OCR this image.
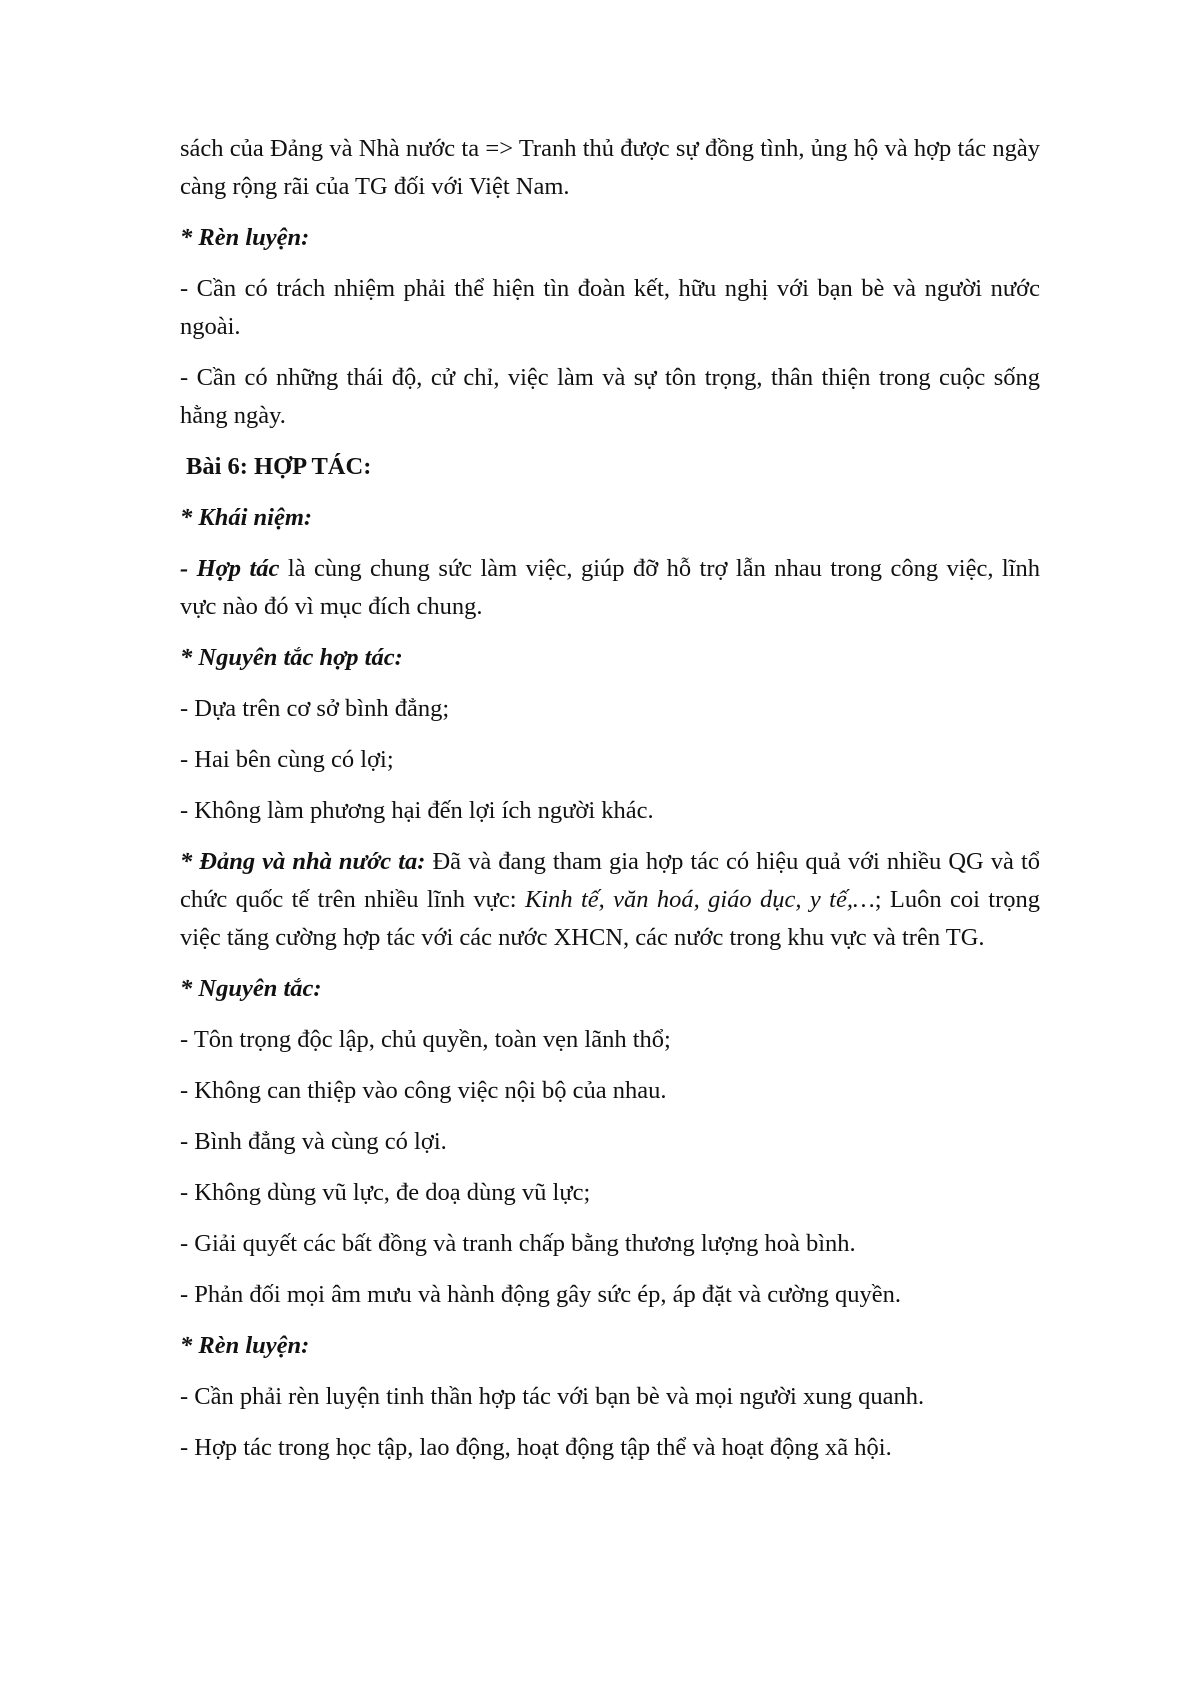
sách của Đảng và Nhà nước ta => Tranh thủ được sự đồng tình, ủng hộ và hợp tác ngày càng rộng rãi của TG đối với Việt Nam.

* Rèn luyện:

- Cần có trách nhiệm phải thể hiện tìn đoàn kết, hữu nghị với bạn bè và người nước ngoài.

- Cần có những thái độ, cử chỉ, việc làm và sự tôn trọng, thân thiện trong cuộc sống hằng ngày.

Bài 6: HỢP TÁC:

* Khái niệm:

- Hợp tác là cùng chung sức làm việc, giúp đỡ hỗ trợ lẫn nhau trong công việc, lĩnh vực nào đó vì mục đích chung.

* Nguyên tắc hợp tác:

- Dựa trên cơ sở bình đẳng;

- Hai bên cùng có lợi;

- Không làm phương hại đến lợi ích người khác.

* Đảng và nhà nước ta: Đã và đang tham gia hợp tác có hiệu quả với nhiều QG và tổ chức quốc tế trên nhiều lĩnh vực: Kinh tế, văn hoá, giáo dục, y tế,…; Luôn coi trọng việc tăng cường hợp tác với các nước XHCN, các nước trong khu vực và trên TG.

* Nguyên tắc:

- Tôn trọng độc lập, chủ quyền, toàn vẹn lãnh thổ;

- Không can thiệp vào công việc nội bộ của nhau.

- Bình đẳng và cùng có lợi.

- Không dùng vũ lực, đe doạ dùng vũ lực;

- Giải quyết các bất đồng và tranh chấp bằng thương lượng hoà bình.

- Phản đối mọi âm mưu và hành động gây sức ép, áp đặt và cường quyền.

* Rèn luyện:

- Cần phải rèn luyện tinh thần hợp tác với bạn bè và mọi người xung quanh.

- Hợp tác trong học tập, lao động, hoạt động tập thể và hoạt động xã hội.
